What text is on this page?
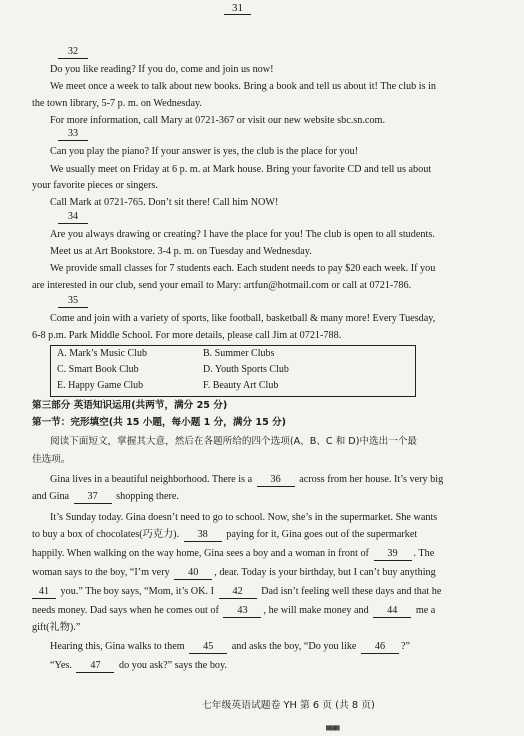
31
32
Do you like reading? If you do, come and join us now!
We meet once a week to talk about new books. Bring a book and tell us about it! The club is in
the town library, 5-7 p. m. on Wednesday.
For more information, call Mary at 0721-367 or visit our new website sbc.sn.com.
33
Can you play the piano? If your answer is yes, the club is the place for you!
We usually meet on Friday at 6 p. m. at Mark house. Bring your favorite CD and tell us about
your favorite pieces or singers.
Call Mark at 0721-765. Don’t sit there! Call him NOW!
34
Are you always drawing or creating? I have the place for you! The club is open to all students.
Meet us at Art Bookstore. 3-4 p. m. on Tuesday and Wednesday.
We provide small classes for 7 students each. Each student needs to pay $20 each week. If you
are interested in our club, send your email to Mary: artfun@hotmail.com or call at 0721-786.
35
Come and join with a variety of sports, like football, basketball & many more! Every Tuesday,
6-8 p.m. Park Middle School. For more details, please call Jim at 0721-788.
A. Mark’s Music Club	B. Summer Clubs
C. Smart Book Club	D. Youth Sports Club
E. Happy Game Club	F. Beauty Art Club
第三部分 英语知识运用(共两节，满分 25 分)
第一节：完形填空(共 15 小题，每小题 1 分，满分 15 分)
阅读下面短文，掌握其大意，然后在各题所给的四个选项(A、B、C 和 D)中选出一个最
佳选项。
Gina lives in a beautiful neighborhood. There is a 36 across from her house. It’s very big
and Gina 37 shopping there.
It’s Sunday today. Gina doesn’t need to go to school. Now, she’s in the supermarket. She wants
to buy a box of chocolates(巧克力). 38 paying for it, Gina goes out of the supermarket
happily. When walking on the way home, Gina sees a boy and a woman in front of 39 . The
woman says to the boy, “I’m very 40 , dear. Today is your birthday, but I can’t buy anything
41 you.” The boy says, “Mom, it’s OK. I 42 Dad isn’t feeling well these days and that he
needs money. Dad says when he comes out of 43 , he will make money and 44 me a
gift(礼物).”
Hearing this, Gina walks to them 45 and asks the boy, “Do you like 46 ?”
“Yes. 47 do you ask?” says the boy.
七年级英语试题卷 YH 第 6 页 (共 8 页)
▩▦▩
